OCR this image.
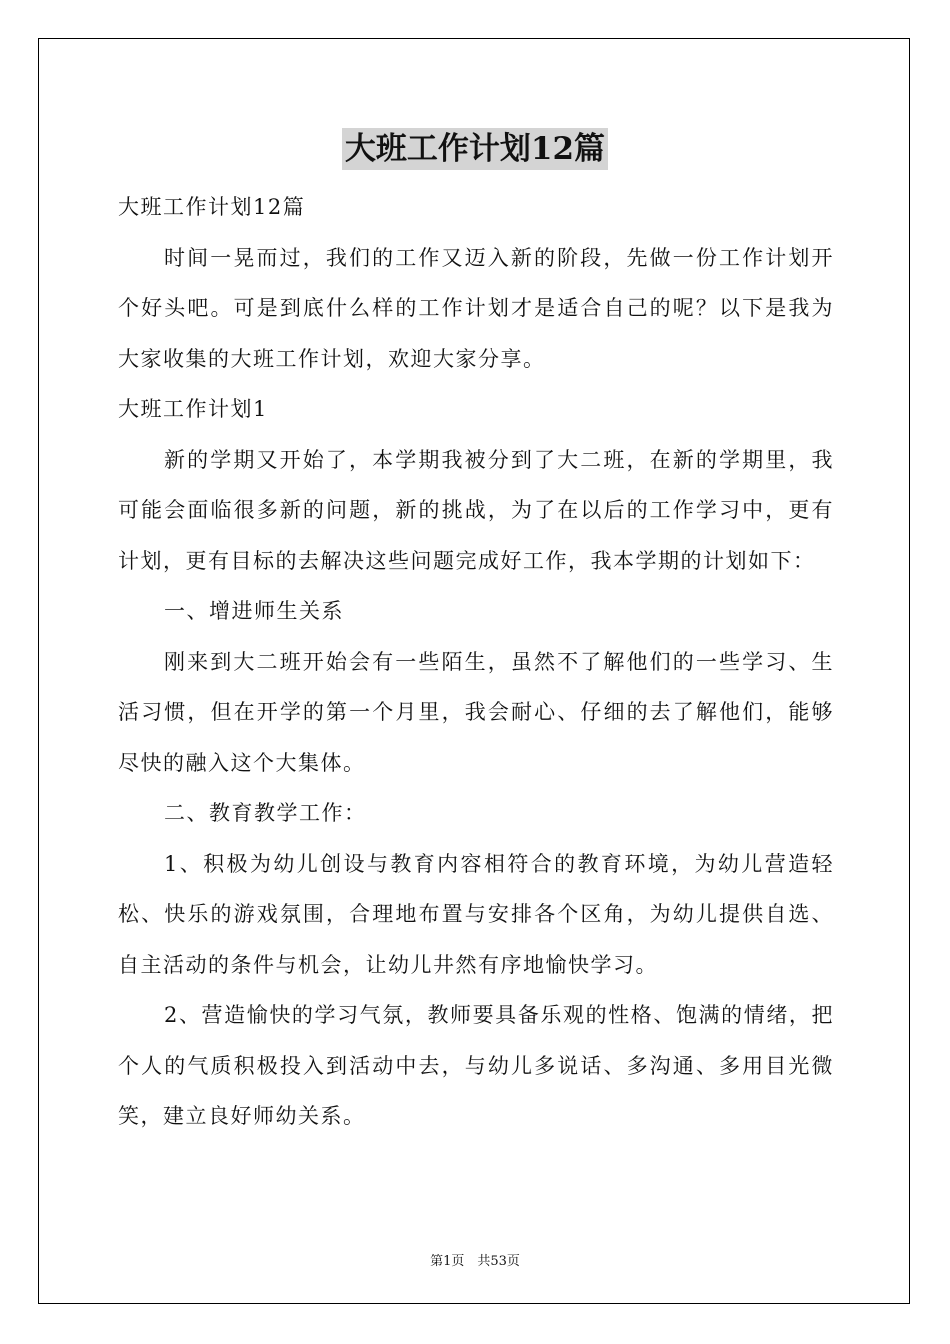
大班工作计划12篇

大班工作计划12篇

时间一晃而过，我们的工作又迈入新的阶段，先做一份工作计划开个好头吧。可是到底什么样的工作计划才是适合自己的呢？以下是我为大家收集的大班工作计划，欢迎大家分享。

大班工作计划1

新的学期又开始了，本学期我被分到了大二班，在新的学期里，我可能会面临很多新的问题，新的挑战，为了在以后的工作学习中，更有计划，更有目标的去解决这些问题完成好工作，我本学期的计划如下：

一、增进师生关系

刚来到大二班开始会有一些陌生，虽然不了解他们的一些学习、生活习惯，但在开学的第一个月里，我会耐心、仔细的去了解他们，能够尽快的融入这个大集体。

二、教育教学工作：

1、积极为幼儿创设与教育内容相符合的教育环境，为幼儿营造轻松、快乐的游戏氛围，合理地布置与安排各个区角，为幼儿提供自选、自主活动的条件与机会，让幼儿井然有序地愉快学习。

2、营造愉快的学习气氛，教师要具备乐观的性格、饱满的情绪，把个人的气质积极投入到活动中去，与幼儿多说话、多沟通、多用目光微笑，建立良好师幼关系。

第1页　共53页
